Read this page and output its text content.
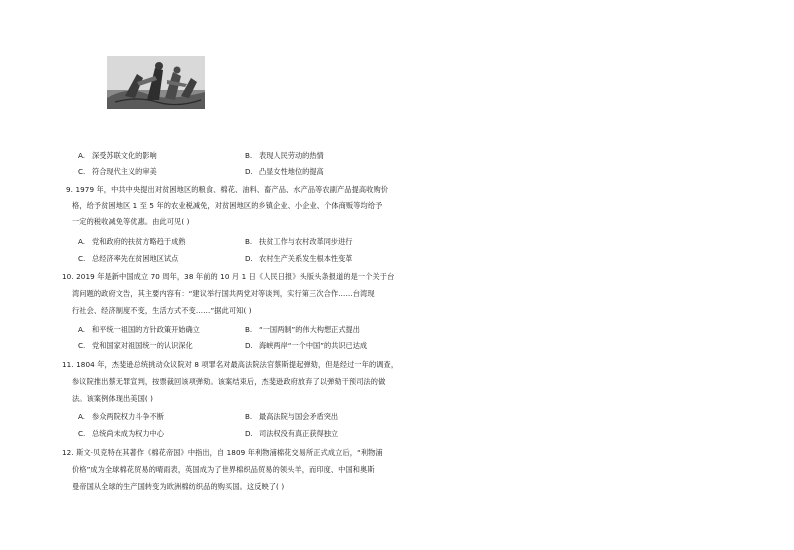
A. 深受苏联文化的影响	B. 表现人民劳动的热情
C. 符合现代主义的审美	D. 凸显女性地位的提高
9. 1979 年，中共中央提出对贫困地区的粮食、棉花、油料、畜产品、水产品等农副产品提高收购价
格，给予贫困地区 1 至 5 年的农业税减免，对贫困地区的乡镇企业、小企业、个体商贩等均给予
一定的税收减免等优惠。由此可见( )
A. 党和政府的扶贫方略趋于成熟	B. 扶贫工作与农村改革同步进行
C. 总经济率先在贫困地区试点	D. 农村生产关系发生根本性变革
10. 2019 年是新中国成立 70 周年，38 年前的 10 月 1 日《人民日报》头版头条报道的是一个关于台
湾问题的政府文告，其主要内容有：“建议举行国共两党对等谈判，实行第三次合作……台湾现
行社会、经济制度不变，生活方式不变……”据此可知( )
A. 和平统一祖国的方针政策开始确立	B. “一国两制”的伟大构想正式提出
C. 党和国家对祖国统一的认识深化	D. 海峡两岸“一个中国”的共识已达成
11. 1804 年，杰斐逊总统挑动众议院对 8 项罪名对最高法院法官蔡斯提起弹劾，但是经过一年的调查，
参议院推出蔡无罪宣判，按票裁回该项弹劾。该案结束后，杰斐逊政府放弃了以弹劾干预司法的做
法。该案例体现出美国( )
A. 参众两院权力斗争不断	B. 最高法院与国会矛盾突出
C. 总统尚未成为权力中心	D. 司法权没有真正获得独立
12. 斯文·贝克特在其著作《棉花帝国》中指出，自 1809 年利物浦棉花交易所正式成立后，“利物浦
价格”成为全球棉花贸易的晴雨表，英国成为了世界棉织品贸易的领头羊，而印度、中国和奥斯
曼帝国从全球的生产国转变为欧洲棉纺织品的购买国。这反映了( )
